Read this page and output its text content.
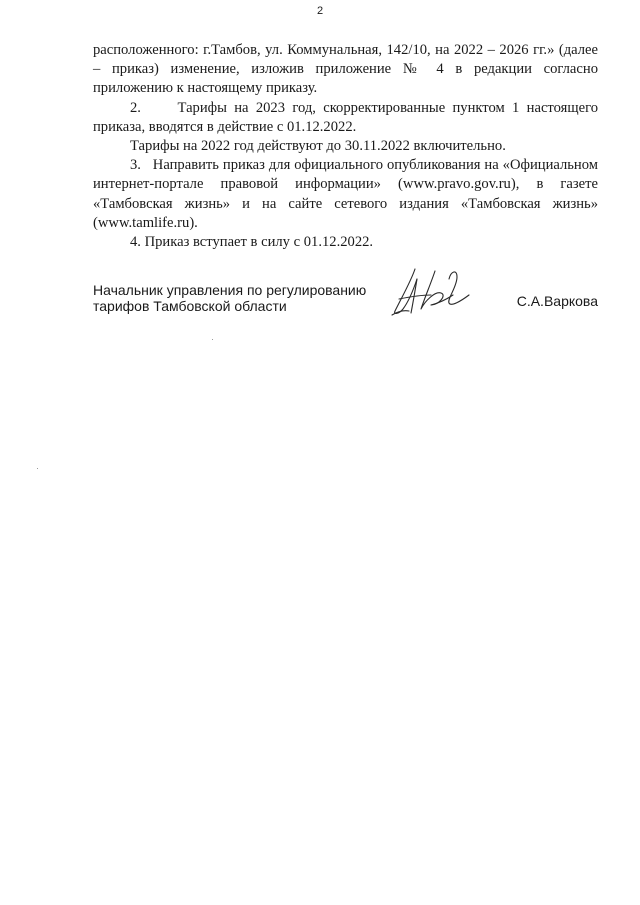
2

расположенного: г.Тамбов, ул. Коммунальная, 142/10, на 2022 – 2026 гг.» (далее – приказ) изменение, изложив приложение № 4 в редакции согласно приложению к настоящему приказу.

2.     Тарифы на 2023 год, скорректированные пунктом 1 настоящего приказа, вводятся в действие с 01.12.2022.

Тарифы на 2022 год действуют до 30.11.2022 включительно.

3.   Направить приказ для официального опубликования на «Официальном интернет-портале правовой информации» (www.pravo.gov.ru), в газете «Тамбовская жизнь» и на сайте сетевого издания «Тамбовская жизнь» (www.tamlife.ru).

4. Приказ вступает в силу с 01.12.2022.

Начальник управления по регулированию
тарифов Тамбовской области	С.А.Варкова
